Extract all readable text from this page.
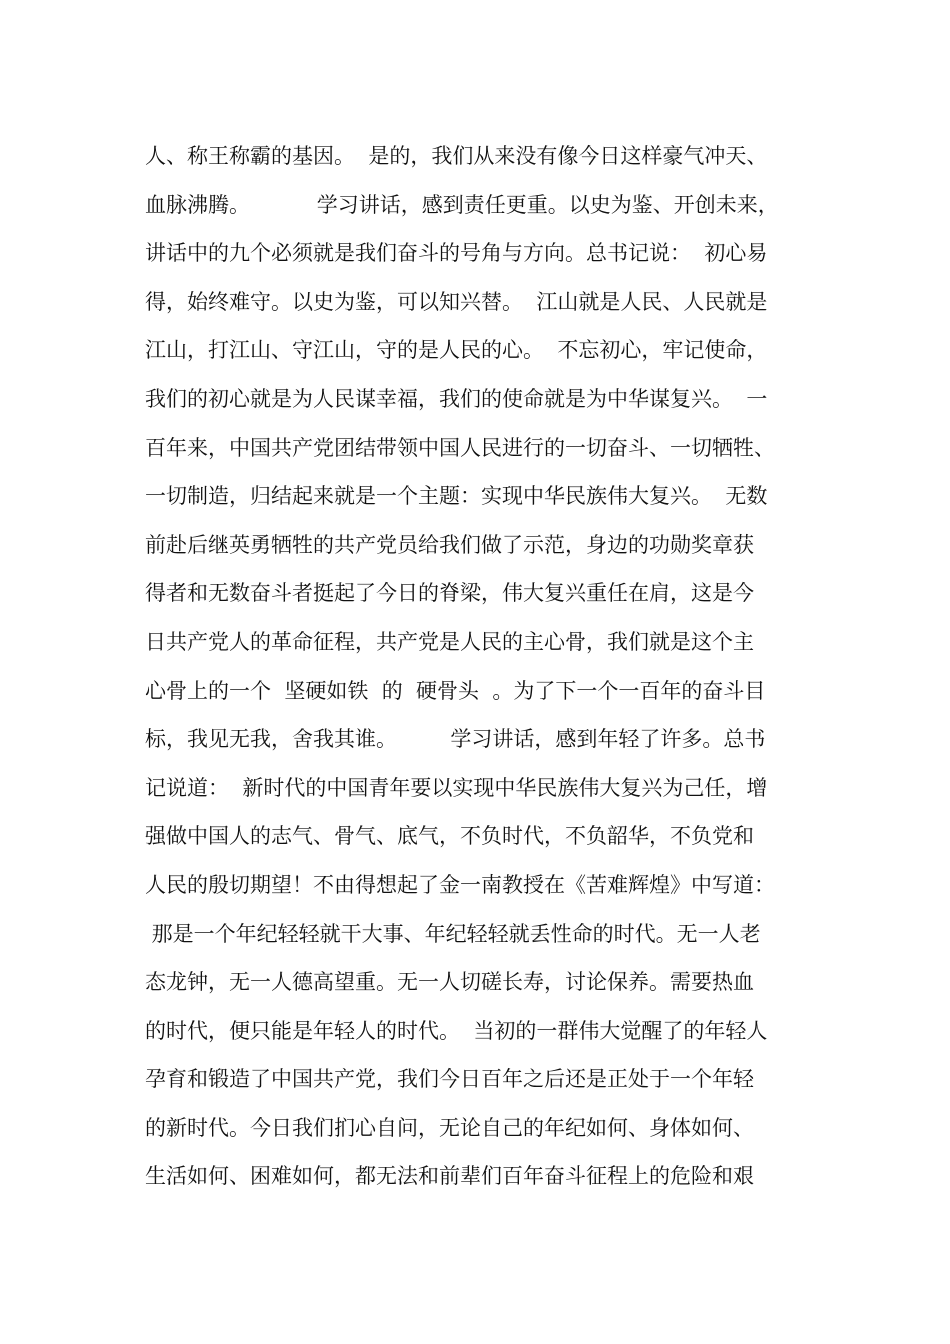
人、称王称霸的基因。  是的，我们从来没有像今日这样豪气冲天、
血脉沸腾。          学习讲话，感到责任更重。以史为鉴、开创未来，
讲话中的九个必须就是我们奋斗的号角与方向。总书记说：  初心易
得，始终难守。以史为鉴，可以知兴替。  江山就是人民、人民就是
江山，打江山、守江山，守的是人民的心。  不忘初心，牢记使命，
我们的初心就是为人民谋幸福，我们的使命就是为中华谋复兴。  一
百年来，中国共产党团结带领中国人民进行的一切奋斗、一切牺牲、
一切制造，归结起来就是一个主题：实现中华民族伟大复兴。  无数
前赴后继英勇牺牲的共产党员给我们做了示范，身边的功勋奖章获
得者和无数奋斗者挺起了今日的脊梁，伟大复兴重任在肩，这是今
日共产党人的革命征程，共产党是人民的主心骨，我们就是这个主
心骨上的一个  坚硬如铁  的  硬骨头  。为了下一个一百年的奋斗目
标，我见无我，舍我其谁。        学习讲话，感到年轻了许多。总书
记说道：  新时代的中国青年要以实现中华民族伟大复兴为己任，增
强做中国人的志气、骨气、底气，不负时代，不负韶华，不负党和
人民的殷切期望！不由得想起了金一南教授在《苦难辉煌》中写道：
那是一个年纪轻轻就干大事、年纪轻轻就丢性命的时代。无一人老
态龙钟，无一人德高望重。无一人切磋长寿，讨论保养。需要热血
的时代，便只能是年轻人的时代。  当初的一群伟大觉醒了的年轻人
孕育和锻造了中国共产党，我们今日百年之后还是正处于一个年轻
的新时代。今日我们扪心自问，无论自己的年纪如何、身体如何、
生活如何、困难如何，都无法和前辈们百年奋斗征程上的危险和艰
